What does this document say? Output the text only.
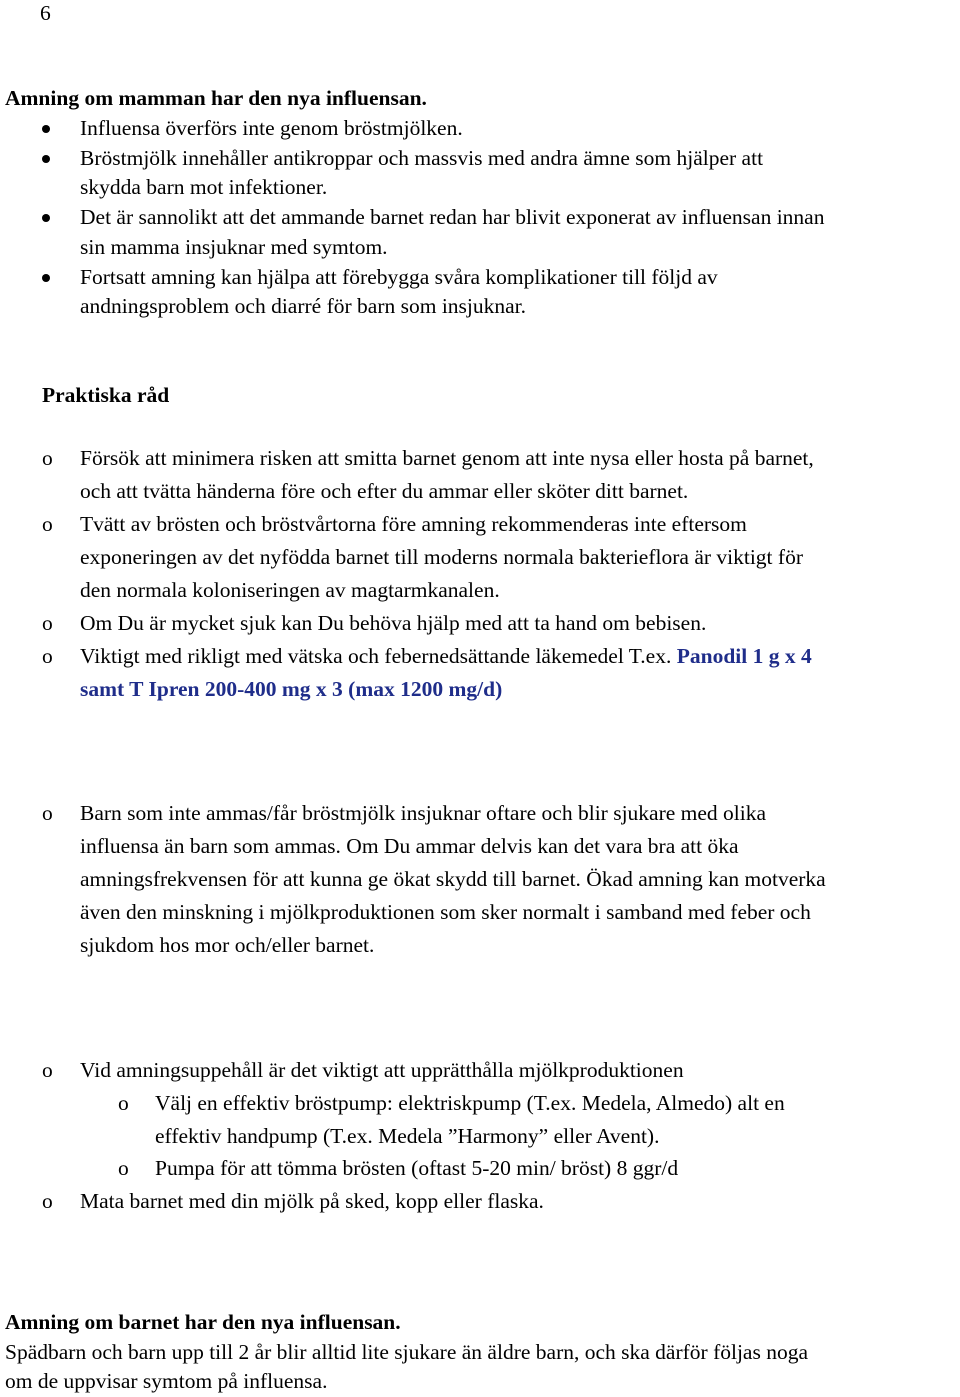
6
Amning om mamman har den nya influensan.
Influensa överförs inte genom bröstmjölken.
Bröstmjölk innehåller antikroppar och massvis med andra ämne som hjälper att
skydda barn mot infektioner.
Det är sannolikt att det ammande barnet redan har blivit exponerat av influensan innan
sin mamma insjuknar med symtom.
Fortsatt amning kan hjälpa att förebygga svåra komplikationer till följd av
andningsproblem och diarré för barn som insjuknar.
Praktiska råd
o Försök att minimera risken att smitta barnet genom att inte nysa eller hosta på barnet,
och att tvätta händerna före och efter du ammar eller sköter ditt barnet.
o Tvätt av brösten och bröstvårtorna före amning rekommenderas inte eftersom
exponeringen av det nyfödda barnet till moderns normala bakterieflora är viktigt för
den normala koloniseringen av magtarmkanalen.
o Om Du är mycket sjuk kan Du behöva hjälp med att ta hand om bebisen.
o Viktigt med rikligt med vätska och febernedsättande läkemedel T.ex. Panodil 1 g x 4
samt T Ipren 200-400 mg x 3 (max 1200 mg/d)
o Barn som inte ammas/får bröstmjölk insjuknar oftare och blir sjukare med olika
influensa än barn som ammas. Om Du ammar delvis kan det vara bra att öka
amningsfrekvensen för att kunna ge ökat skydd till barnet. Ökad amning kan motverka
även den minskning i mjölkproduktionen som sker normalt i samband med feber och
sjukdom hos mor och/eller barnet.
o Vid amningsuppehåll är det viktigt att upprätthålla mjölkproduktionen
o Välj en effektiv bröstpump: elektriskpump (T.ex. Medela, Almedo) alt en
effektiv handpump (T.ex. Medela ”Harmony” eller Avent).
o Pumpa för att tömma brösten (oftast 5-20 min/ bröst) 8 ggr/d
o Mata barnet med din mjölk på sked, kopp eller flaska.
Amning om barnet har den nya influensan.
Spädbarn och barn upp till 2 år blir alltid lite sjukare än äldre barn, och ska därför följas noga
om de uppvisar symtom på influensa.
